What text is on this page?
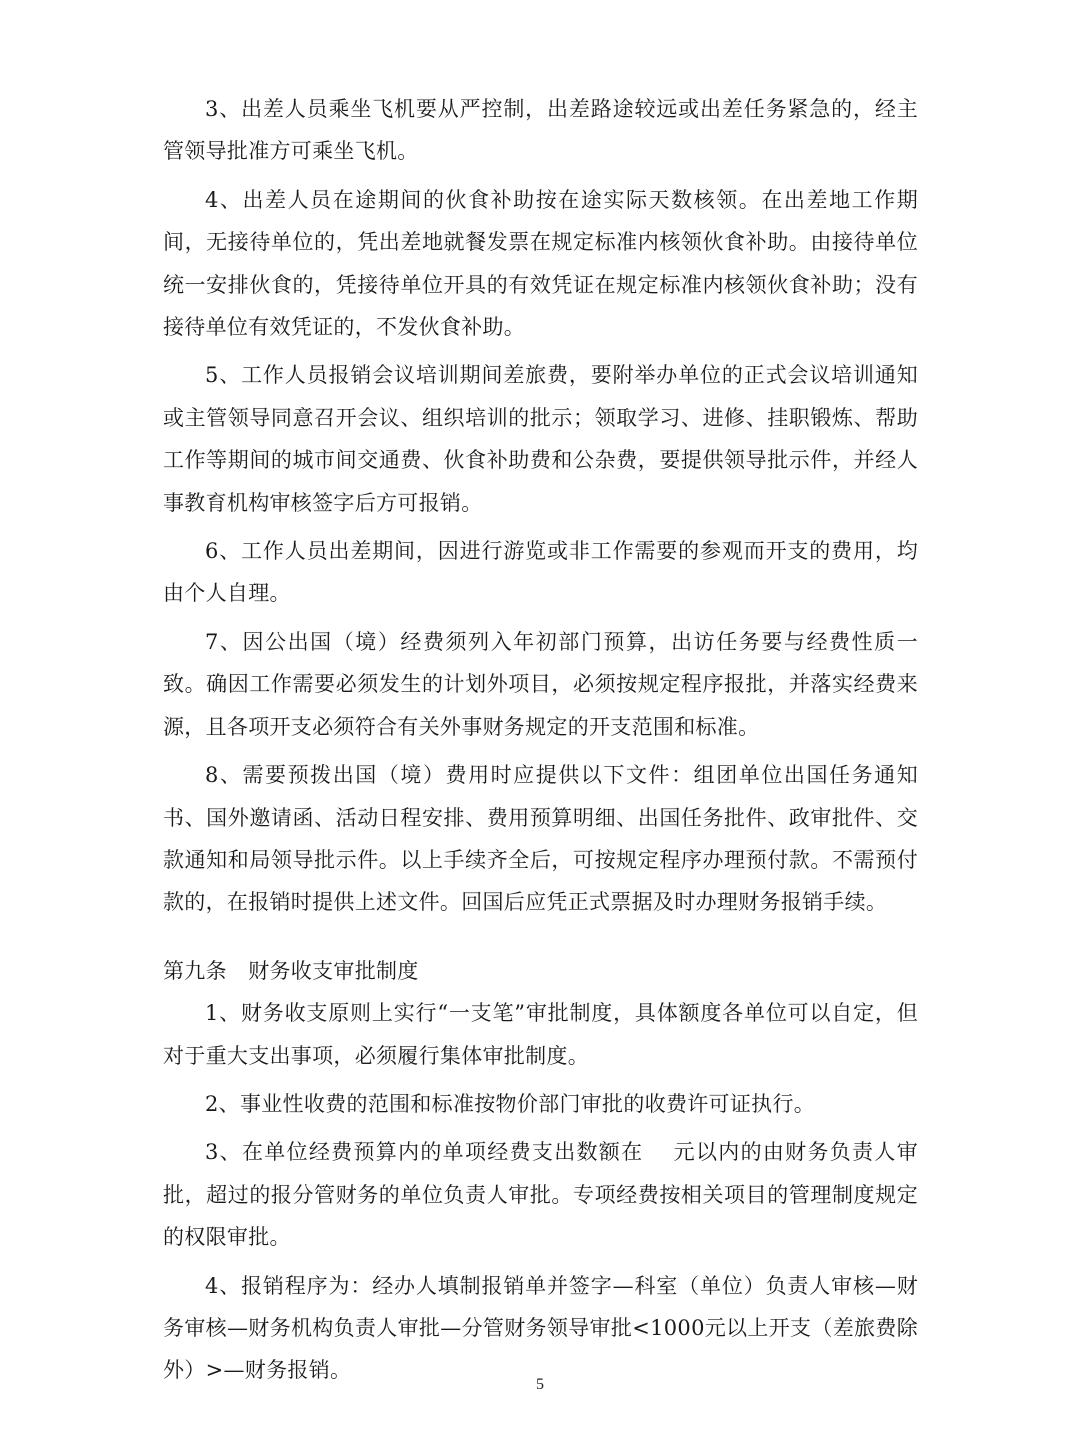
3、出差人员乘坐飞机要从严控制，出差路途较远或出差任务紧急的，经主管领导批准方可乘坐飞机。

4、出差人员在途期间的伙食补助按在途实际天数核领。在出差地工作期间，无接待单位的，凭出差地就餐发票在规定标准内核领伙食补助。由接待单位统一安排伙食的，凭接待单位开具的有效凭证在规定标准内核领伙食补助；没有接待单位有效凭证的，不发伙食补助。

5、工作人员报销会议培训期间差旅费，要附举办单位的正式会议培训通知或主管领导同意召开会议、组织培训的批示；领取学习、进修、挂职锻炼、帮助工作等期间的城市间交通费、伙食补助费和公杂费，要提供领导批示件，并经人事教育机构审核签字后方可报销。

6、工作人员出差期间，因进行游览或非工作需要的参观而开支的费用，均由个人自理。

7、因公出国（境）经费须列入年初部门预算，出访任务要与经费性质一致。确因工作需要必须发生的计划外项目，必须按规定程序报批，并落实经费来源，且各项开支必须符合有关外事财务规定的开支范围和标准。

8、需要预拨出国（境）费用时应提供以下文件：组团单位出国任务通知书、国外邀请函、活动日程安排、费用预算明细、出国任务批件、政审批件、交款通知和局领导批示件。以上手续齐全后，可按规定程序办理预付款。不需预付款的，在报销时提供上述文件。回国后应凭正式票据及时办理财务报销手续。

第九条　财务收支审批制度

1、财务收支原则上实行“一支笔”审批制度，具体额度各单位可以自定，但对于重大支出事项，必须履行集体审批制度。

2、事业性收费的范围和标准按物价部门审批的收费许可证执行。

3、在单位经费预算内的单项经费支出数额在　 元以内的由财务负责人审批，超过的报分管财务的单位负责人审批。专项经费按相关项目的管理制度规定的权限审批。

4、报销程序为：经办人填制报销单并签字—科室（单位）负责人审核—财务审核—财务机构负责人审批—分管财务领导审批<1000元以上开支（差旅费除外）>—财务报销。

5
